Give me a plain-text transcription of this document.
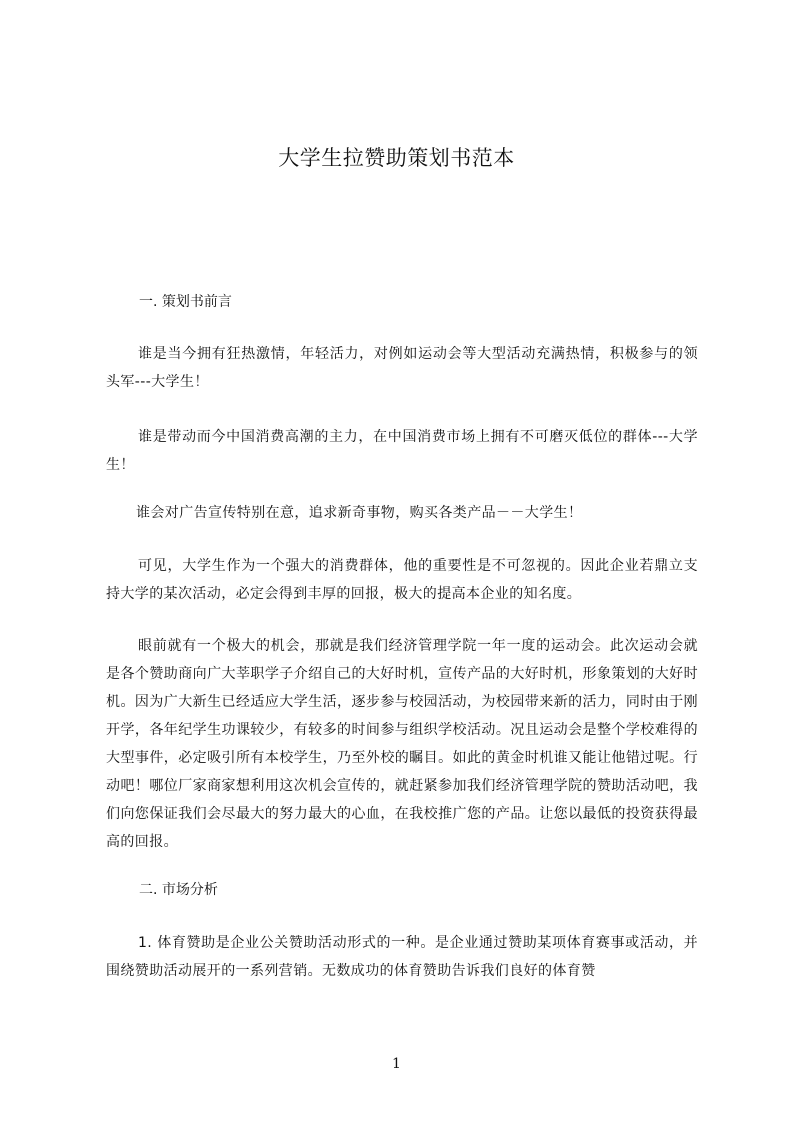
大学生拉赞助策划书范本

一. 策划书前言

谁是当今拥有狂热激情，年轻活力，对例如运动会等大型活动充满热情，积极参与的领头军---大学生！

谁是带动而今中国消费高潮的主力，在中国消费市场上拥有不可磨灭低位的群体---大学生！

谁会对广告宣传特别在意，追求新奇事物，购买各类产品－－大学生！

可见，大学生作为一个强大的消费群体，他的重要性是不可忽视的。因此企业若鼎立支持大学的某次活动，必定会得到丰厚的回报，极大的提高本企业的知名度。

眼前就有一个极大的机会，那就是我们经济管理学院一年一度的运动会。此次运动会就是各个赞助商向广大莘职学子介绍自己的大好时机，宣传产品的大好时机，形象策划的大好时机。因为广大新生已经适应大学生活，逐步参与校园活动，为校园带来新的活力，同时由于刚开学，各年纪学生功课较少，有较多的时间参与组织学校活动。况且运动会是整个学校难得的大型事件，必定吸引所有本校学生，乃至外校的瞩目。如此的黄金时机谁又能让他错过呢。行动吧！哪位厂家商家想利用这次机会宣传的，就赶紧参加我们经济管理学院的赞助活动吧，我们向您保证我们会尽最大的努力最大的心血，在我校推广您的产品。让您以最低的投资获得最高的回报。

二. 市场分析

1. 体育赞助是企业公关赞助活动形式的一种。是企业通过赞助某项体育赛事或活动，并围绕赞助活动展开的一系列营销。无数成功的体育赞助告诉我们良好的体育赞

1
